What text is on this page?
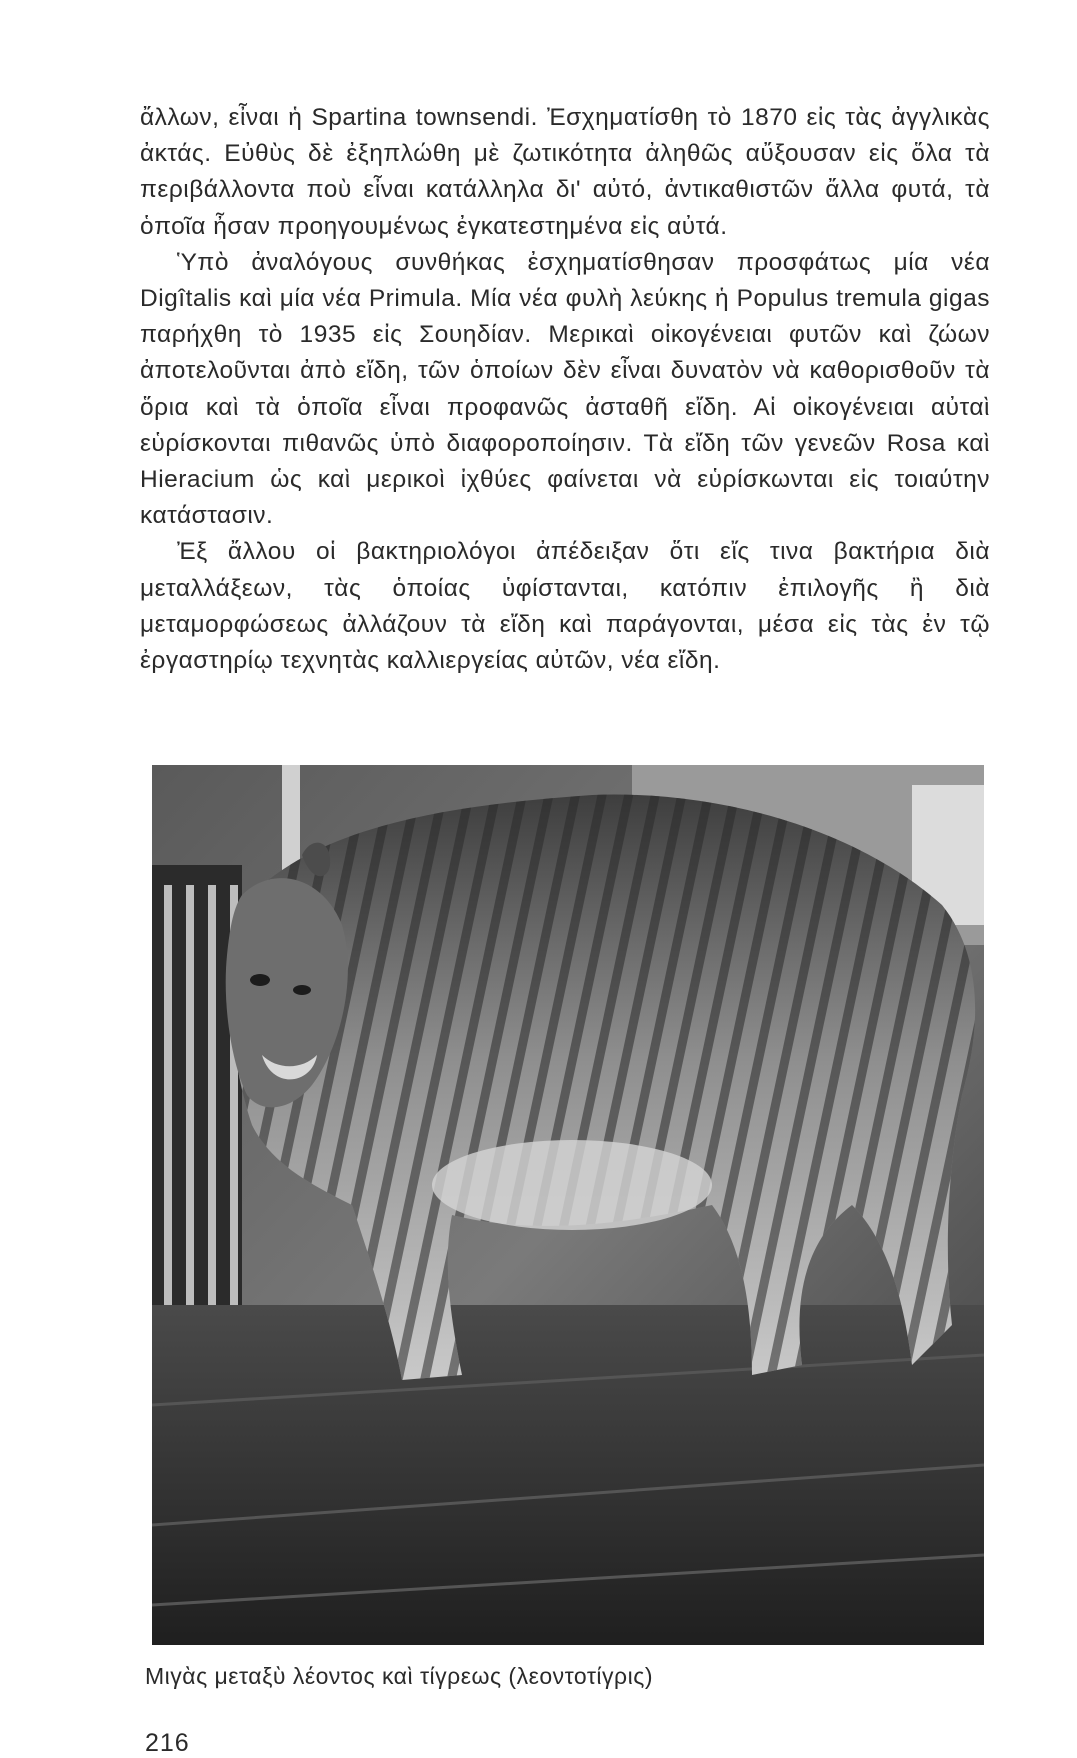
ἄλλων, εἶναι ἡ Spartina townsendi. Ἐσχηματίσθη τὸ 1870 εἰς τὰς ἀγγλικὰς ἀκτάς. Εὐθὺς δὲ ἐξηπλώθη μὲ ζωτικότητα ἀληθῶς αὔξουσαν εἰς ὅλα τὰ περιβάλλοντα ποὺ εἶναι κατάλληλα δι' αὐτό, ἀντικαθιστῶν ἄλλα φυτά, τὰ ὁποῖα ἦσαν προηγουμένως ἐγκατεστημένα εἰς αὐτά.

Ὑπὸ ἀναλόγους συνθήκας ἐσχηματίσθησαν προσφάτως μία νέα Digîtalis καὶ μία νέα Primula. Μία νέα φυλὴ λεύκης ἡ Populus tremula gigas παρήχθη τὸ 1935 εἰς Σουηδίαν. Μερικαὶ οἰκογένειαι φυτῶν καὶ ζώων ἀποτελοῦνται ἀπὸ εἴδη, τῶν ὁποίων δὲν εἶναι δυνατὸν νὰ καθορισθοῦν τὰ ὅρια καὶ τὰ ὁποῖα εἶναι προφανῶς ἀσταθῆ εἴδη. Αἱ οἰκογένειαι αὐταὶ εὑρίσκονται πιθανῶς ὑπὸ διαφοροποίησιν. Τὰ εἴδη τῶν γενεῶν Rosa καὶ Hieracium ὡς καὶ μερικοὶ ἰχθύες φαίνεται νὰ εὑρίσκωνται εἰς τοιαύτην κατάστασιν.

Ἐξ ἄλλου οἱ βακτηριολόγοι ἀπέδειξαν ὅτι εἴς τινα βακτήρια διὰ μεταλλάξεων, τὰς ὁποίας ὑφίστανται, κατόπιν ἐπιλογῆς ἢ διὰ μεταμορφώσεως ἀλλάζουν τὰ εἴδη καὶ παράγονται, μέσα εἰς τὰς ἐν τῷ ἐργαστηρίῳ τεχνητὰς καλλιεργείας αὐτῶν, νέα εἴδη.

Μιγὰς μεταξὺ λέοντος καὶ τίγρεως (λεοντοτίγρις)
216
